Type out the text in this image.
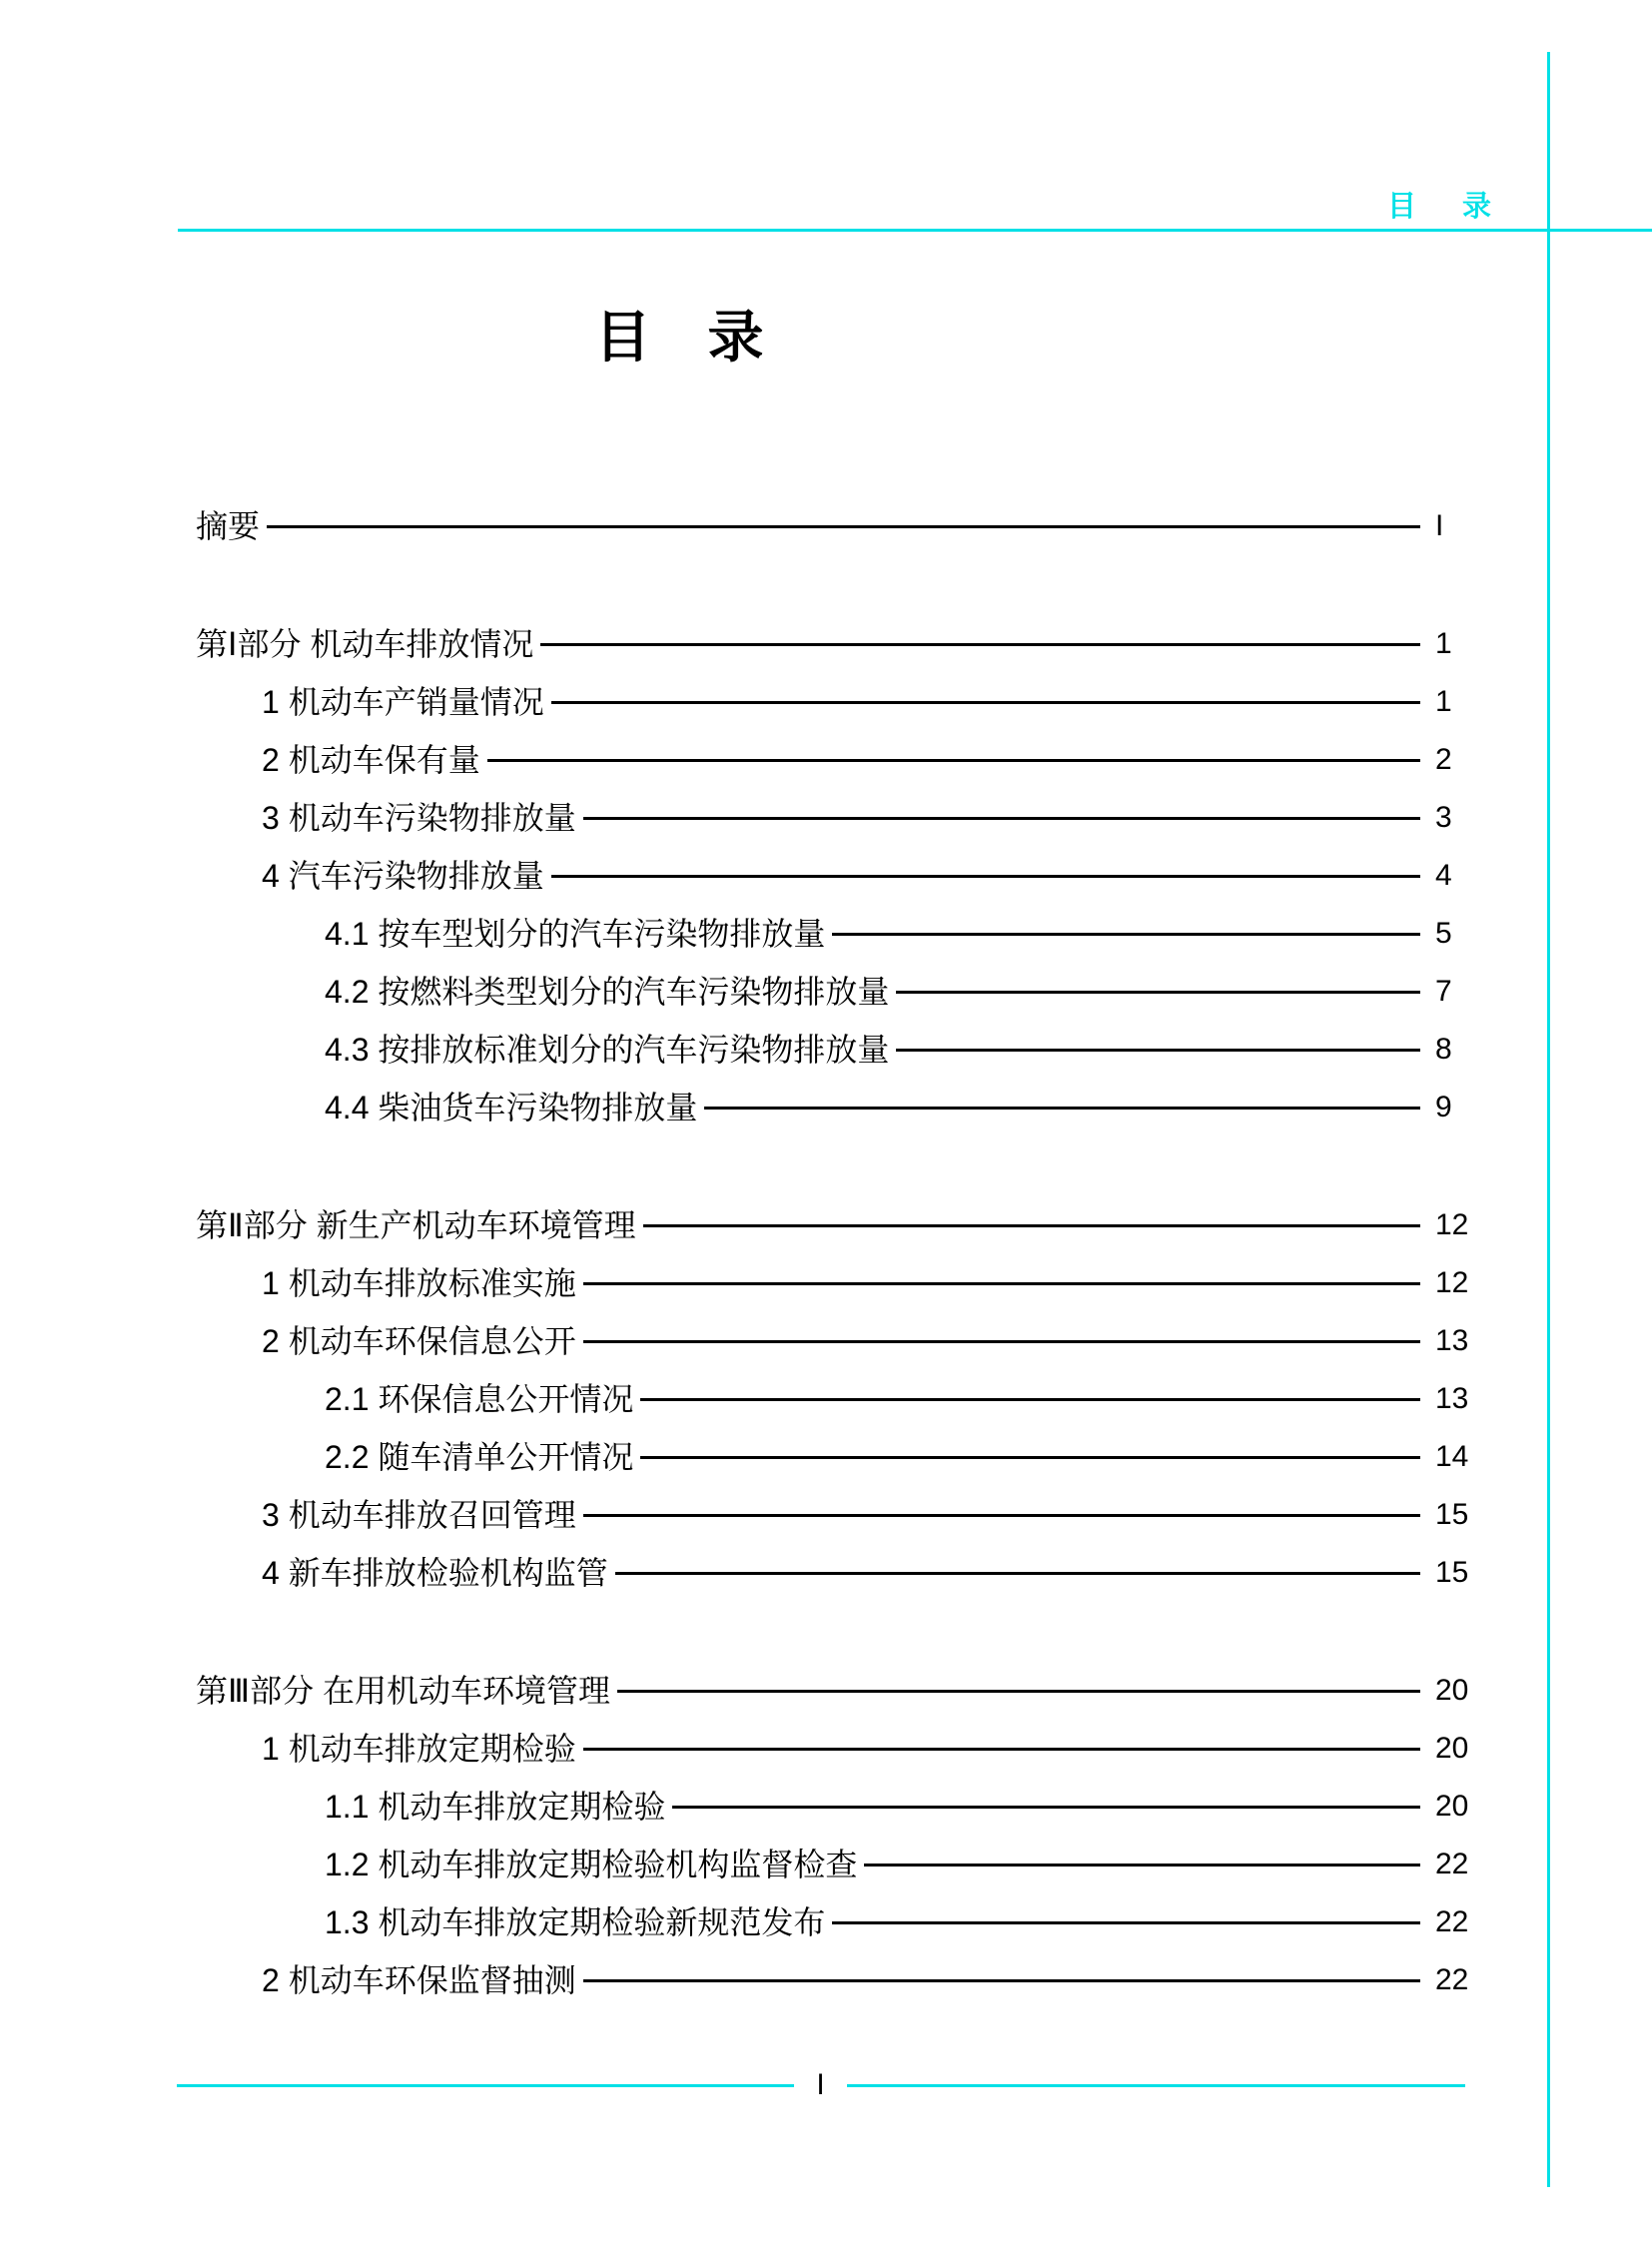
目 录
目 录
摘要	I
第Ⅰ部分 机动车排放情况	1
1 机动车产销量情况	1
2 机动车保有量	2
3 机动车污染物排放量	3
4 汽车污染物排放量	4
4.1 按车型划分的汽车污染物排放量	5
4.2 按燃料类型划分的汽车污染物排放量	7
4.3 按排放标准划分的汽车污染物排放量	8
4.4 柴油货车污染物排放量	9
第Ⅱ部分 新生产机动车环境管理	12
1 机动车排放标准实施	12
2 机动车环保信息公开	13
2.1 环保信息公开情况	13
2.2 随车清单公开情况	14
3 机动车排放召回管理	15
4 新车排放检验机构监管	15
第Ⅲ部分 在用机动车环境管理	20
1 机动车排放定期检验	20
1.1 机动车排放定期检验	20
1.2 机动车排放定期检验机构监督检查	22
1.3 机动车排放定期检验新规范发布	22
2 机动车环保监督抽测	22
I
